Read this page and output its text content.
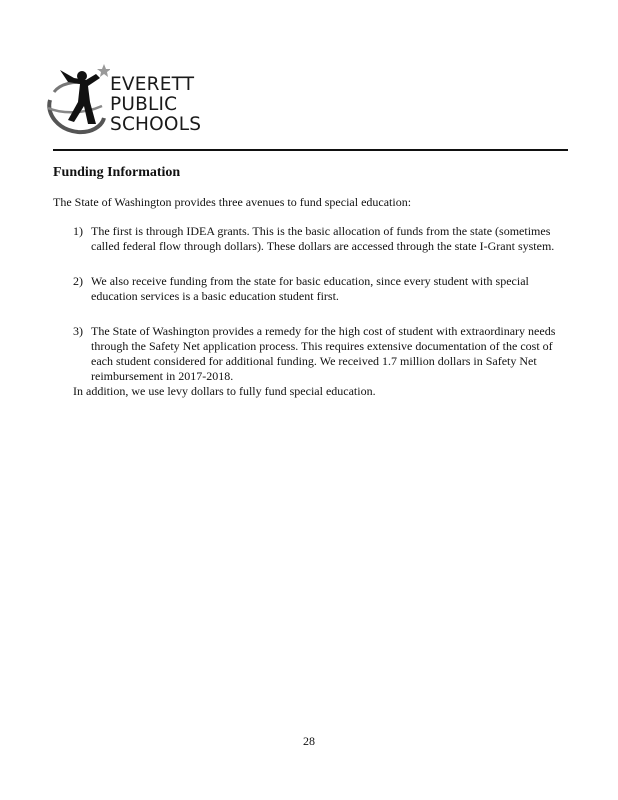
EVERETT
PUBLIC
SCHOOLS
Funding Information
The State of Washington provides three avenues to fund special education:
1) The first is through IDEA grants. This is the basic allocation of funds from the state (sometimes called federal flow through dollars). These dollars are accessed through the state I-Grant system.
2) We also receive funding from the state for basic education, since every student with special education services is a basic education student first.
3) The State of Washington provides a remedy for the high cost of student with extraordinary needs through the Safety Net application process. This requires extensive documentation of the cost of each student considered for additional funding. We received 1.7 million dollars in Safety Net reimbursement in 2017-2018.
In addition, we use levy dollars to fully fund special education.
28
